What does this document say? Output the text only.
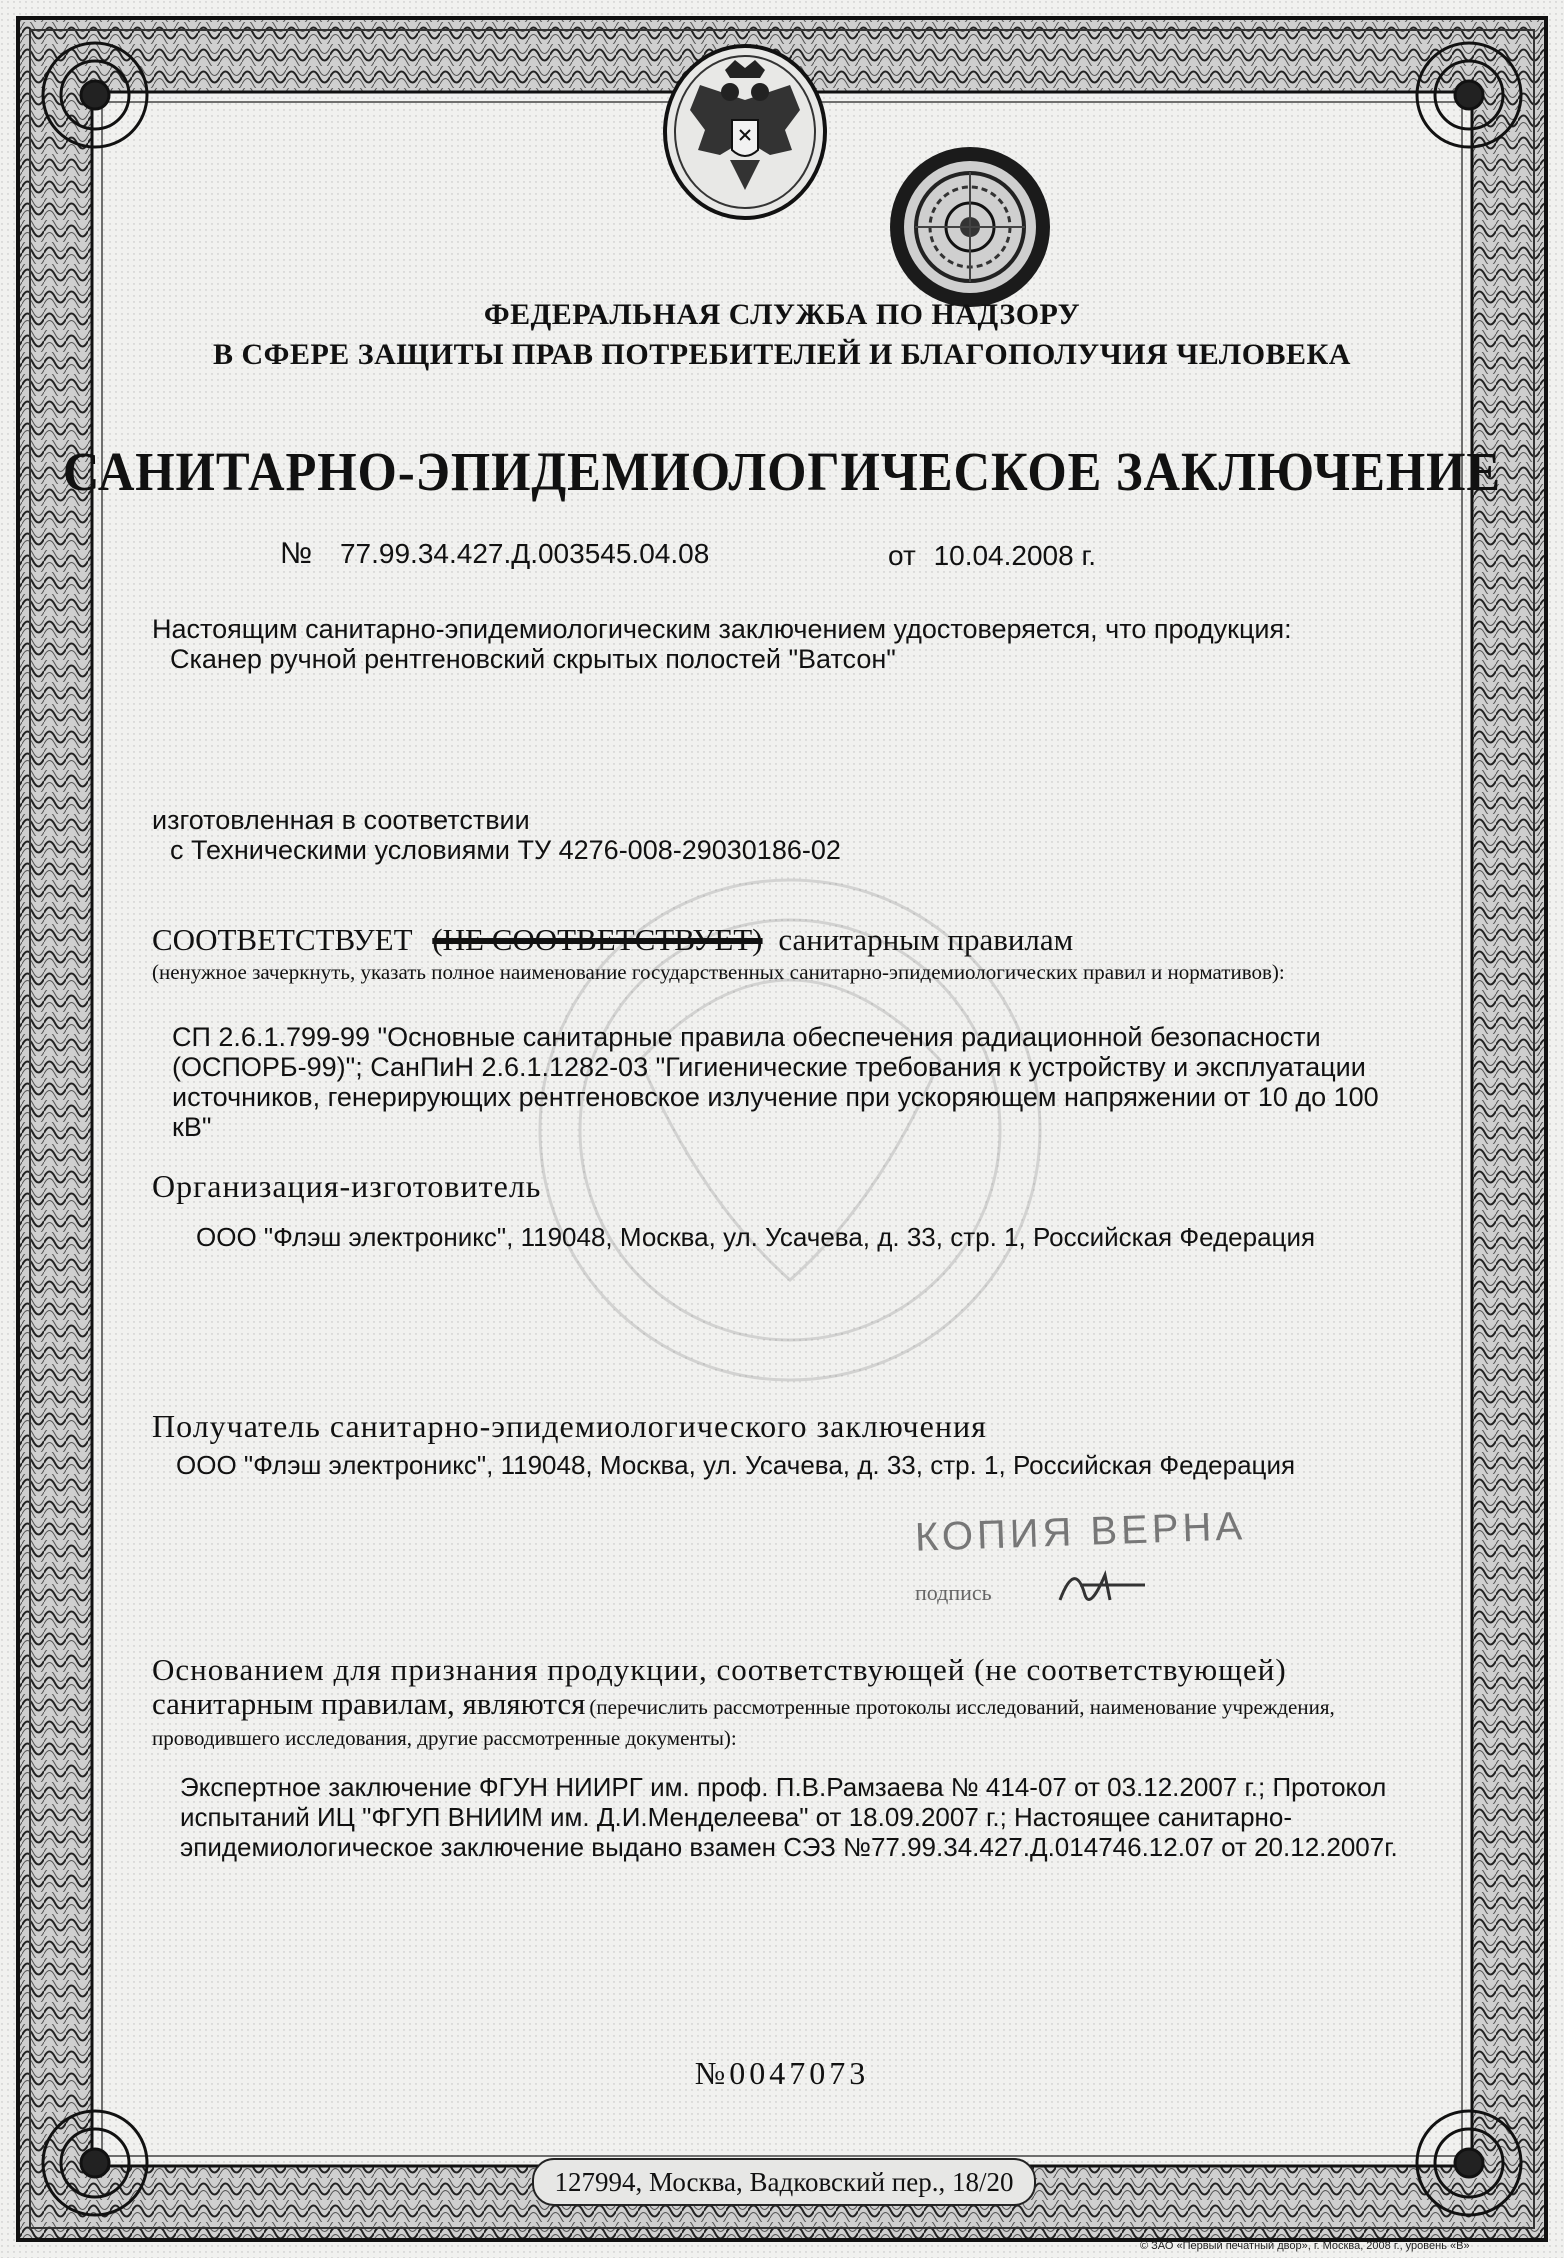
ФЕДЕРАЛЬНАЯ СЛУЖБА ПО НАДЗОРУ
В СФЕРЕ ЗАЩИТЫ ПРАВ ПОТРЕБИТЕЛЕЙ И БЛАГОПОЛУЧИЯ ЧЕЛОВЕКА
САНИТАРНО-ЭПИДЕМИОЛОГИЧЕСКОЕ ЗАКЛЮЧЕНИЕ
№ 77.99.34.427.Д.003545.04.08	от 10.04.2008 г.
Настоящим санитарно-эпидемиологическим заключением удостоверяется, что продукция:
Сканер ручной рентгеновский скрытых полостей "Ватсон"
изготовленная в соответствии
с Техническими условиями ТУ 4276-008-29030186-02
СООТВЕТСТВУЕТ (НЕ СООТВЕТСТВУЕТ) санитарным правилам
(ненужное зачеркнуть, указать полное наименование государственных санитарно-эпидемиологических правил и нормативов):
СП 2.6.1.799-99 "Основные санитарные правила обеспечения радиационной безопасности (ОСПОРБ-99)"; СанПиН 2.6.1.1282-03 "Гигиенические требования к устройству и эксплуатации источников, генерирующих рентгеновское излучение при ускоряющем напряжении от 10 до 100 кВ"
Организация-изготовитель
ООО "Флэш электроникс", 119048, Москва, ул. Усачева, д. 33, стр. 1, Российская Федерация
Получатель санитарно-эпидемиологического заключения
ООО "Флэш электроникс", 119048, Москва, ул. Усачева, д. 33, стр. 1, Российская Федерация
КОПИЯ ВЕРНА
подпись
Основанием для признания продукции, соответствующей (не соответствующей)
санитарным правилам, являются (перечислить рассмотренные протоколы исследований, наименование учреждения, проводившего исследования, другие рассмотренные документы):
Экспертное заключение ФГУН НИИРГ им. проф. П.В.Рамзаева № 414-07 от 03.12.2007 г.; Протокол испытаний ИЦ "ФГУП ВНИИМ им. Д.И.Менделеева" от 18.09.2007 г.; Настоящее санитарно-эпидемиологическое заключение выдано взамен СЭЗ №77.99.34.427.Д.014746.12.07 от 20.12.2007г.
№0047073
127994, Москва, Вадковский пер., 18/20
© ЗАО «Первый печатный двор», г. Москва, 2008 г., уровень «В»
